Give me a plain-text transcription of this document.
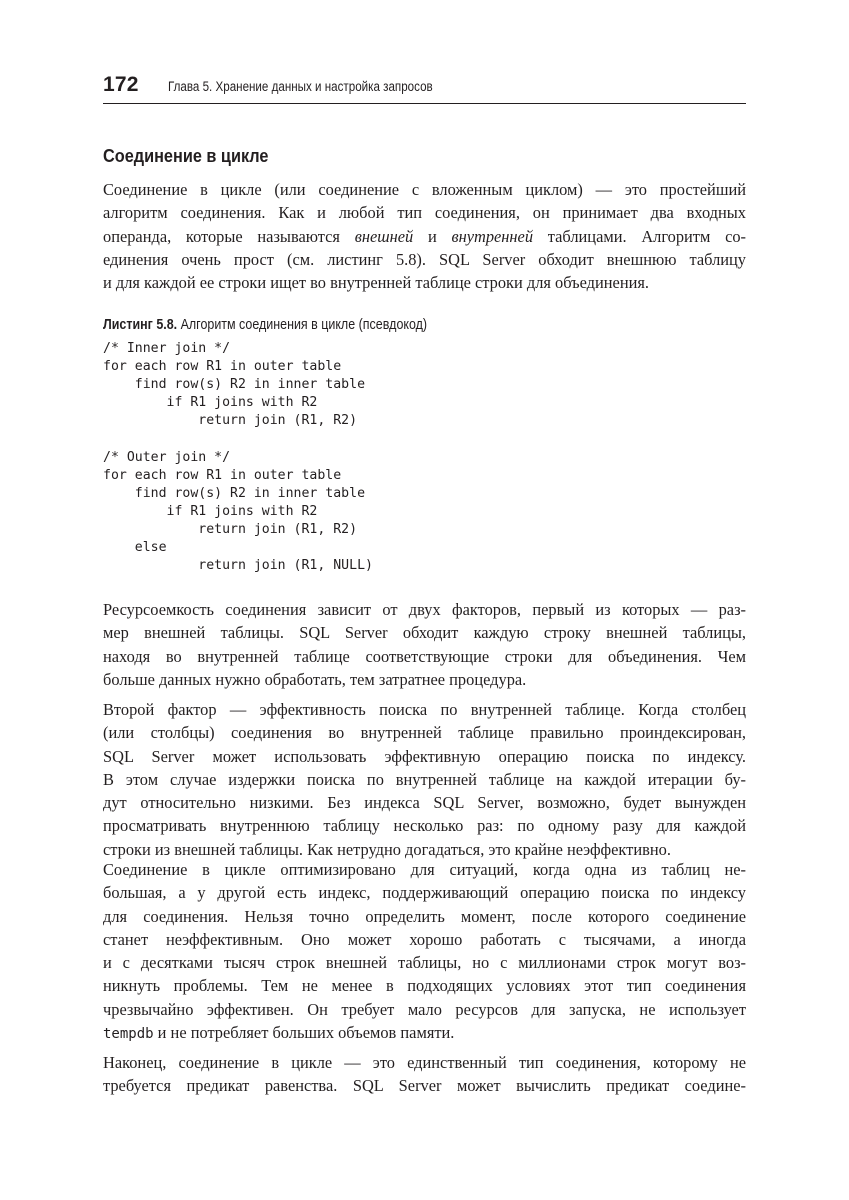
172 Глава 5. Хранение данных и настройка запросов
Соединение в цикле

Соединение в цикле (или соединение с вложенным циклом) — это простейший
алгоритм соединения. Как и любой тип соединения, он принимает два входных
операнда, которые называются внешней и внутренней таблицами. Алгоритм со-
единения очень прост (см. листинг 5.8). SQL Server обходит внешнюю таблицу
и для каждой ее строки ищет во внутренней таблице строки для объединения.

Листинг 5.8. Алгоритм соединения в цикле (псевдокод)

/* Inner join */
for each row R1 in outer table
find row(s) R2 in inner table
if R1 joins with R2
return join (R1, R2)

/* Outer join */
for each row R1 in outer table
find row(s) R2 in inner table
if R1 joins with R2
return join (R1, R2)
else
return join (R1, NULL)

Ресурсоемкость соединения зависит от двух факторов, первый из которых — раз-
мер внешней таблицы. SQL Server обходит каждую строку внешней таблицы,
находя во внутренней таблице соответствующие строки для объединения. Чем
больше данных нужно обработать, тем затратнее процедура.

Второй фактор — эффективность поиска по внутренней таблице. Когда столбец
(или столбцы) соединения во внутренней таблице правильно проиндексирован,
SQL Server может использовать эффективную операцию поиска по индексу.
В этом случае издержки поиска по внутренней таблице на каждой итерации бу-
дут относительно низкими. Без индекса SQL Server, возможно, будет вынужден
просматривать внутреннюю таблицу несколько раз: по одному разу для каждой
строки из внешней таблицы. Как нетрудно догадаться, это крайне неэффективно.

Соединение в цикле оптимизировано для ситуаций, когда одна из таблиц не-
большая, а у другой есть индекс, поддерживающий операцию поиска по индексу
для соединения. Нельзя точно определить момент, после которого соединение
станет неэффективным. Оно может хорошо работать с тысячами, а иногда
и с десятками тысяч строк внешней таблицы, но с миллионами строк могут воз-
никнуть проблемы. Тем не менее в подходящих условиях этот тип соединения
чрезвычайно эффективен. Он требует мало ресурсов для запуска, не использует
tempdb и не потребляет больших объемов памяти.

Наконец, соединение в цикле — это единственный тип соединения, которому не
требуется предикат равенства. SQL Server может вычислить предикат соедине-
